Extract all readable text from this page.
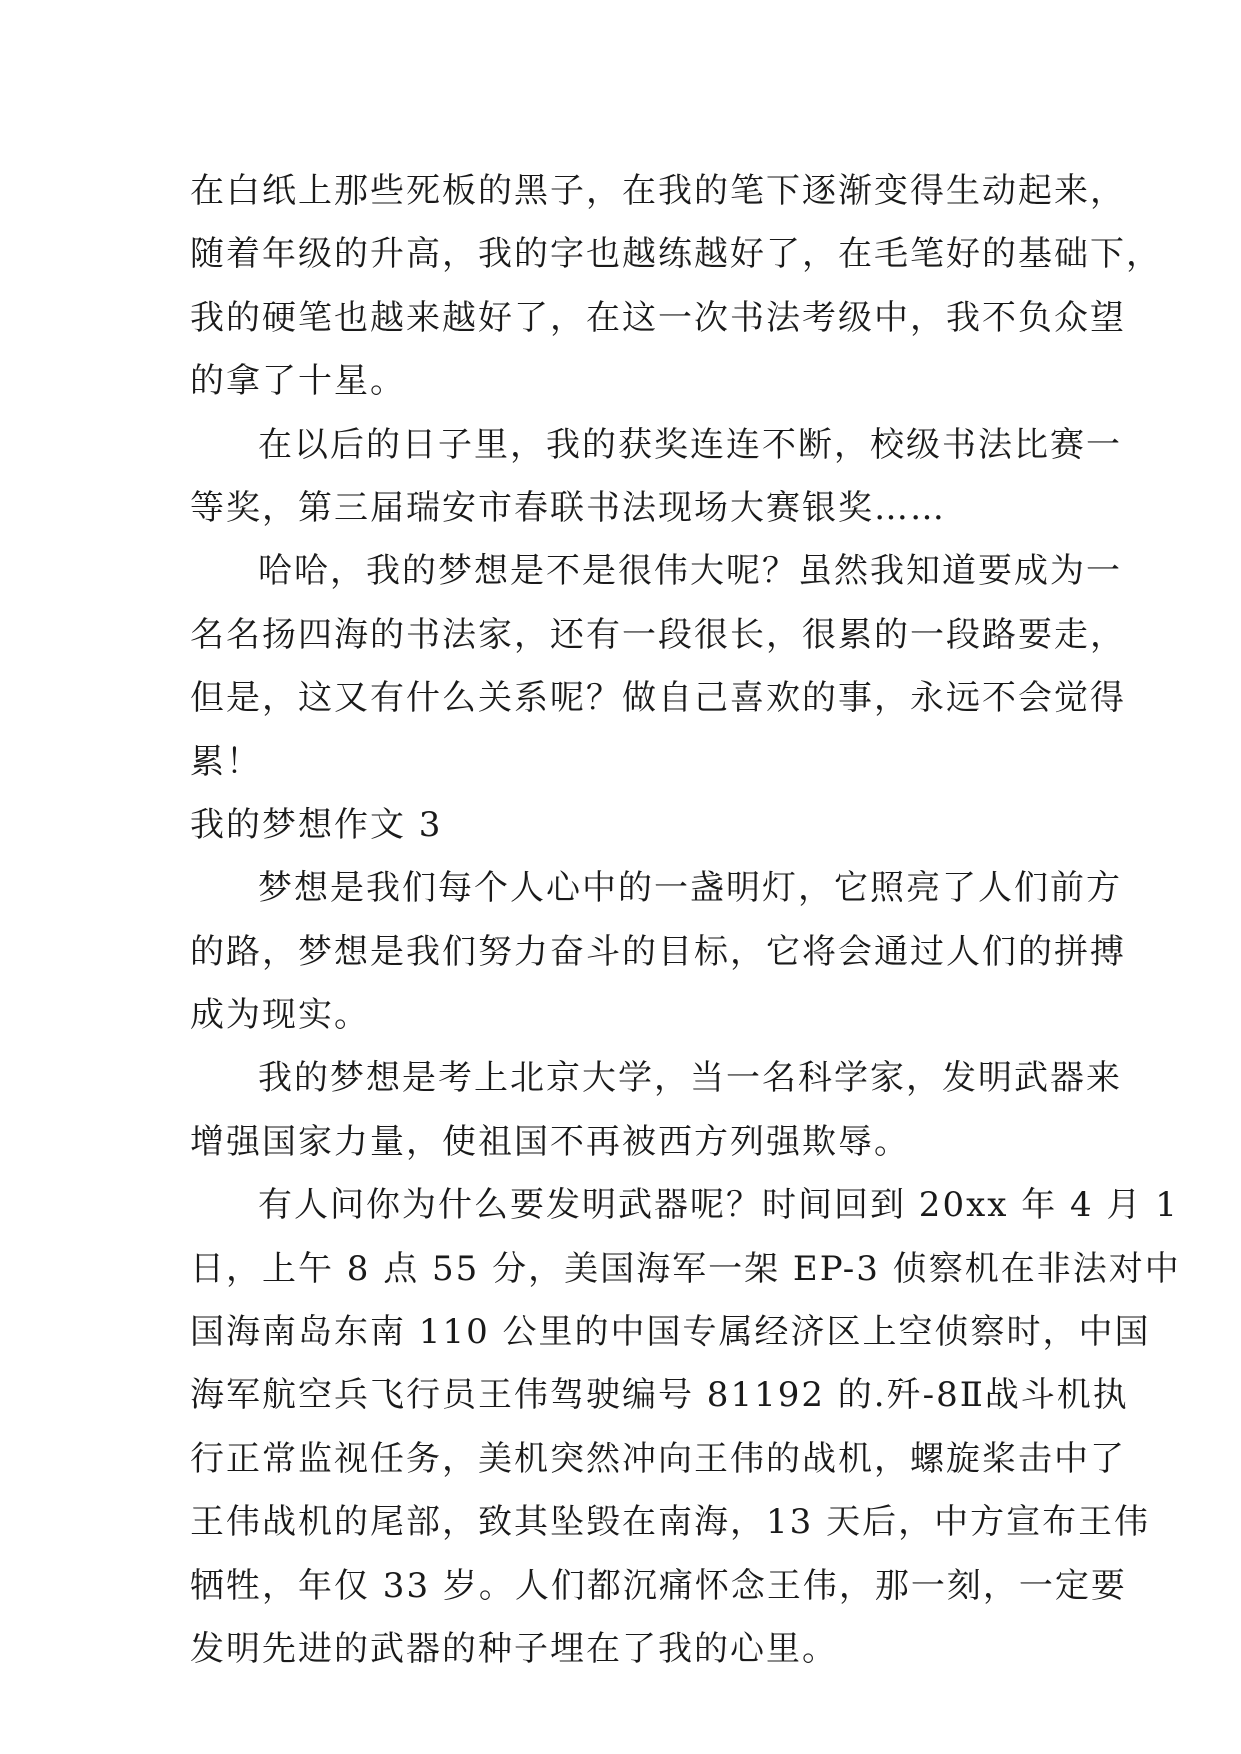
在白纸上那些死板的黑子，在我的笔下逐渐变得生动起来，
随着年级的升高，我的字也越练越好了，在毛笔好的基础下，
我的硬笔也越来越好了，在这一次书法考级中，我不负众望
的拿了十星。
在以后的日子里，我的获奖连连不断，校级书法比赛一
等奖，第三届瑞安市春联书法现场大赛银奖……
哈哈，我的梦想是不是很伟大呢？虽然我知道要成为一
名名扬四海的书法家，还有一段很长，很累的一段路要走，
但是，这又有什么关系呢？做自己喜欢的事，永远不会觉得
累！
我的梦想作文 3
梦想是我们每个人心中的一盏明灯，它照亮了人们前方
的路，梦想是我们努力奋斗的目标，它将会通过人们的拼搏
成为现实。
我的梦想是考上北京大学，当一名科学家，发明武器来
增强国家力量，使祖国不再被西方列强欺辱。
有人问你为什么要发明武器呢？时间回到 20xx 年 4 月 1
日，上午 8 点 55 分，美国海军一架 EP-3 侦察机在非法对中
国海南岛东南 110 公里的中国专属经济区上空侦察时，中国
海军航空兵飞行员王伟驾驶编号 81192 的.歼-8Ⅱ战斗机执
行正常监视任务，美机突然冲向王伟的战机，螺旋桨击中了
王伟战机的尾部，致其坠毁在南海，13 天后，中方宣布王伟
牺牲，年仅 33 岁。人们都沉痛怀念王伟，那一刻，一定要
发明先进的武器的种子埋在了我的心里。
